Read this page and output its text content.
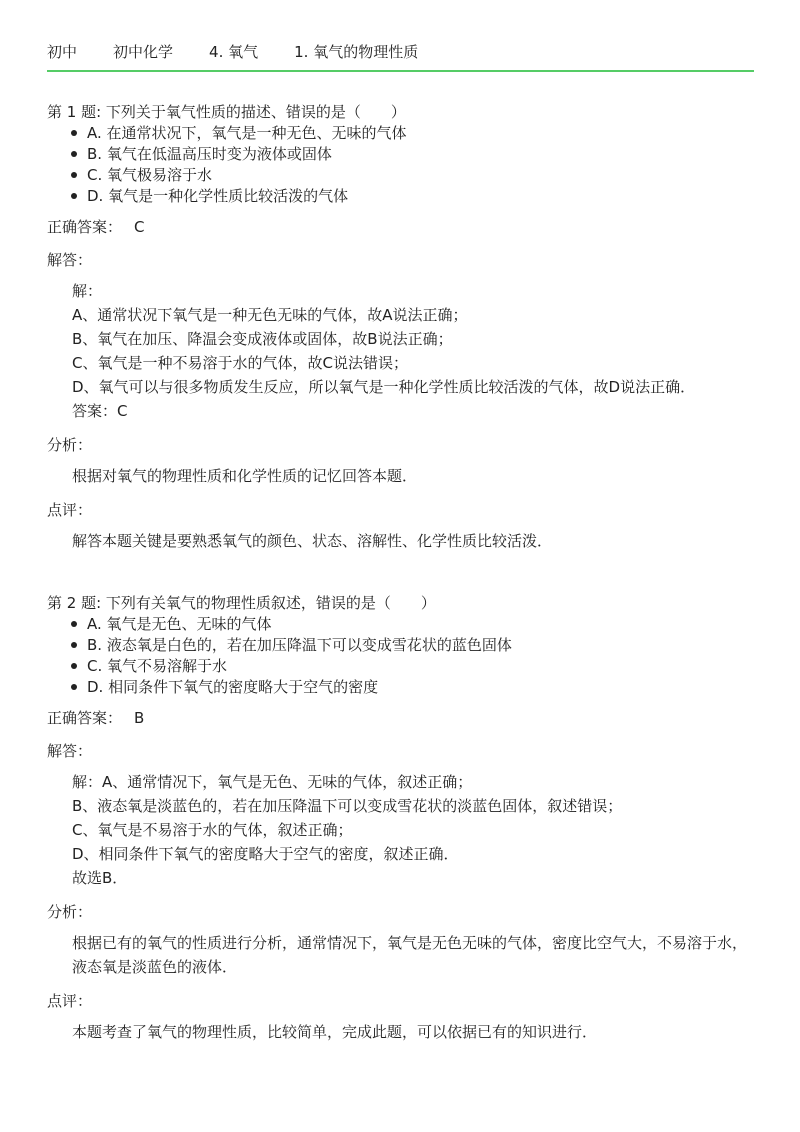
初中 初中化学 4. 氧气 1. 氧气的物理性质
第 1 题: 下列关于氧气性质的描述、错误的是（　　）
A. 在通常状况下，氧气是一种无色、无味的气体
B. 氧气在低温高压时变为液体或固体
C. 氧气极易溶于水
D. 氧气是一种化学性质比较活泼的气体
正确答案： C
解答：
解：
A、通常状况下氧气是一种无色无味的气体，故A说法正确；
B、氧气在加压、降温会变成液体或固体，故B说法正确；
C、氧气是一种不易溶于水的气体，故C说法错误；
D、氧气可以与很多物质发生反应，所以氧气是一种化学性质比较活泼的气体，故D说法正确．
答案：C
分析：
根据对氧气的物理性质和化学性质的记忆回答本题．
点评：
解答本题关键是要熟悉氧气的颜色、状态、溶解性、化学性质比较活泼．
第 2 题: 下列有关氧气的物理性质叙述，错误的是（　　）
A. 氧气是无色、无味的气体
B. 液态氧是白色的，若在加压降温下可以变成雪花状的蓝色固体
C. 氧气不易溶解于水
D. 相同条件下氧气的密度略大于空气的密度
正确答案： B
解答：
解：A、通常情况下，氧气是无色、无味的气体，叙述正确；
B、液态氧是淡蓝色的，若在加压降温下可以变成雪花状的淡蓝色固体，叙述错误；
C、氧气是不易溶于水的气体，叙述正确；
D、相同条件下氧气的密度略大于空气的密度，叙述正确．
故选B．
分析：
根据已有的氧气的性质进行分析，通常情况下，氧气是无色无味的气体，密度比空气大，不易溶于水，液态氧是淡蓝色的液体．
点评：
本题考查了氧气的物理性质，比较简单，完成此题，可以依据已有的知识进行．
